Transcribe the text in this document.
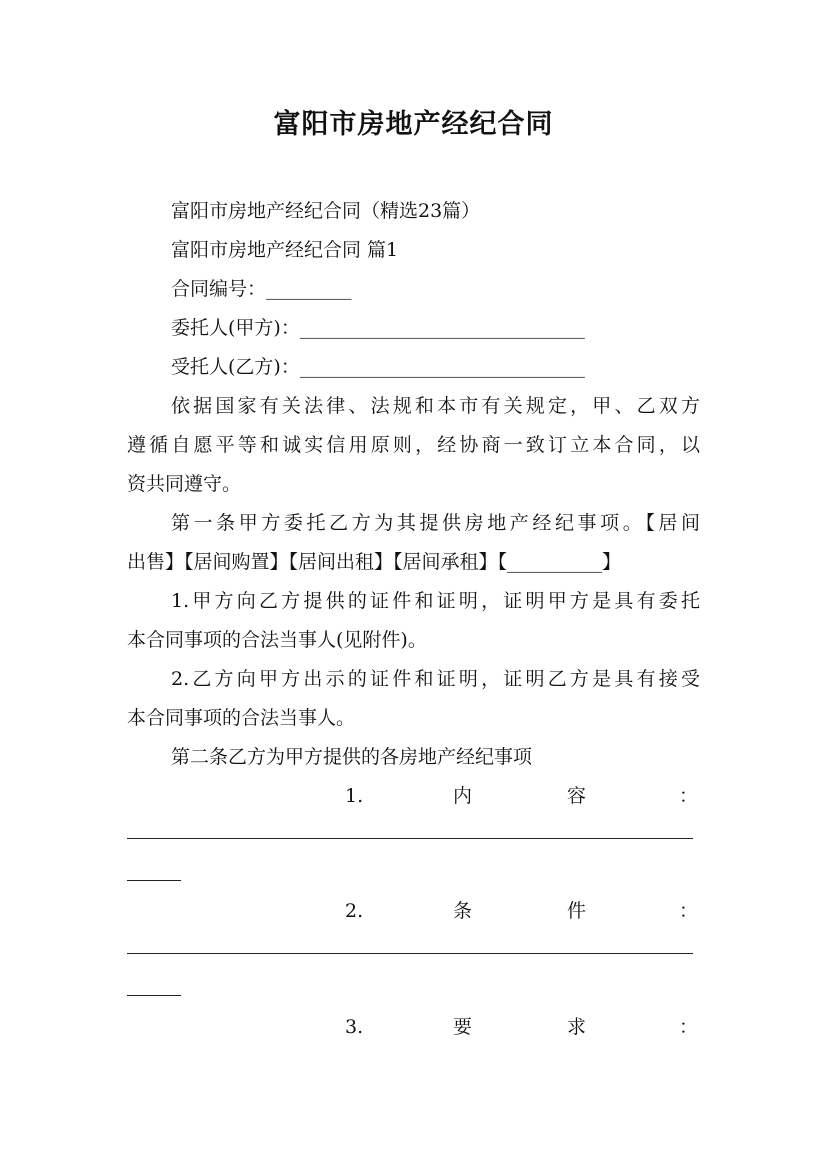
富阳市房地产经纪合同
富阳市房地产经纪合同（精选23篇）
富阳市房地产经纪合同 篇1
合同编号：_________
委托人(甲方)：______________________________
受托人(乙方)：______________________________
依据国家有关法律、法规和本市有关规定，甲、乙双方
遵循自愿平等和诚实信用原则，经协商一致订立本合同，以
资共同遵守。
第一条甲方委托乙方为其提供房地产经纪事项。【居间
出售】【居间购置】【居间出租】【居间承租】【__________】
1.甲方向乙方提供的证件和证明，证明甲方是具有委托
本合同事项的合法当事人(见附件)。
2.乙方向甲方出示的证件和证明，证明乙方是具有接受
本合同事项的合法当事人。
第二条乙方为甲方提供的各房地产经纪事项
1.	内	容	：
2.	条	件	：
3.	要	求	：
